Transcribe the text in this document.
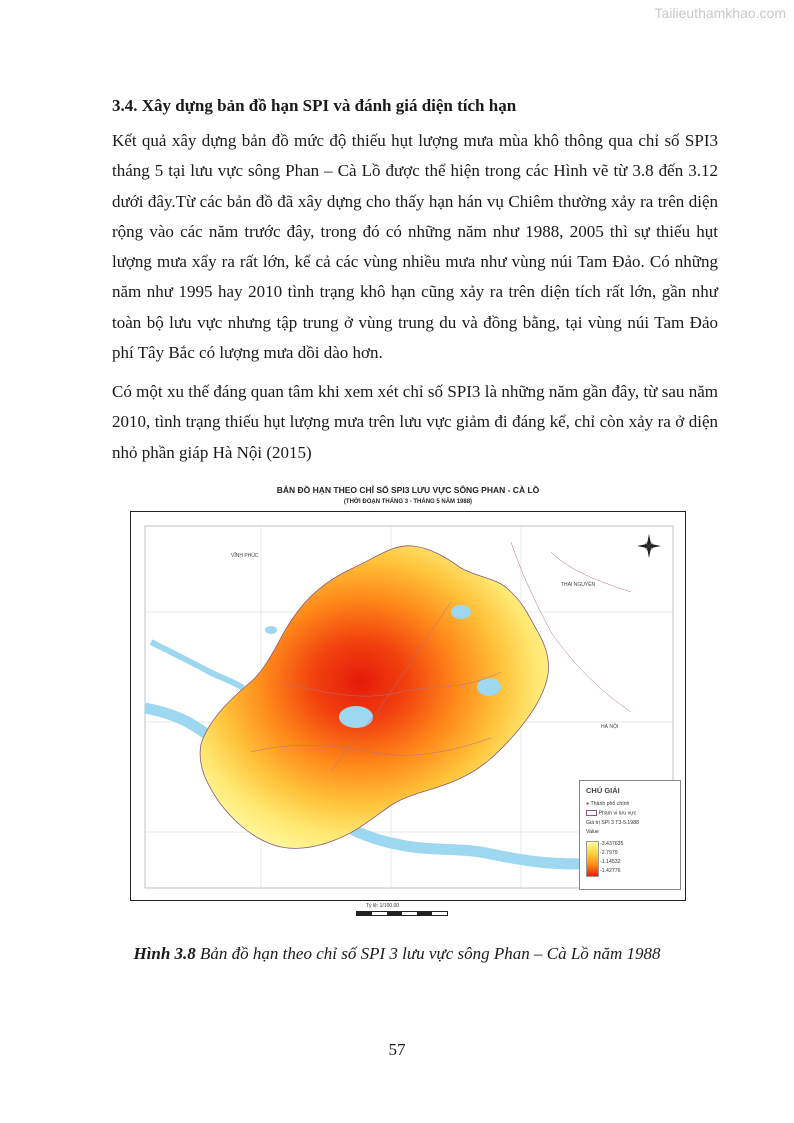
Tailieuthamkhao.com
3.4. Xây dựng bản đồ hạn SPI và đánh giá diện tích hạn

Kết quả xây dựng bản đồ mức độ thiếu hụt lượng mưa mùa khô thông qua chỉ số SPI3 tháng 5 tại lưu vực sông Phan – Cà Lồ được thể hiện trong các Hình vẽ từ 3.8 đến 3.12 dưới đây.Từ các bản đồ đã xây dựng cho thấy hạn hán vụ Chiêm thường xảy ra trên diện rộng vào các năm trước đây, trong đó có những năm như 1988, 2005 thì sự thiếu hụt lượng mưa xẩy ra rất lớn, kể cả các vùng nhiều mưa như vùng núi Tam Đảo. Có những năm như 1995 hay 2010 tình trạng khô hạn cũng xảy ra trên diện tích rất lớn, gần như toàn bộ lưu vực nhưng tập trung ở vùng trung du và đồng bằng, tại vùng núi Tam Đảo phí Tây Bắc có lượng mưa dồi dào hơn.

Có một xu thế đáng quan tâm khi xem xét chỉ số SPI3 là những năm gần đây, từ sau năm 2010, tình trạng thiếu hụt lượng mưa trên lưu vực giảm đi đáng kể, chỉ còn xảy ra ở diện nhỏ phần giáp Hà Nội (2015)

BẢN ĐỒ HẠN THEO CHỈ SỐ SPI3 LƯU VỰC SÔNG PHAN - CÀ LỒ
(THỜI ĐOẠN THÁNG 3 - THÁNG 5 NĂM 1988)
VĨNH PHÚC
THÁI NGUYÊN
HÀ NỘI
CHÚ GIẢI
● Thành phố chính
Phạm vi lưu vực
Giá trị SPI 3 T3-5.1988
Value
-3.437635
-2.7979
-1.14532
-1.42776
Tỷ lệ: 1/100.00
Hình 3.8 Bản đồ hạn theo chỉ số SPI 3 lưu vực sông Phan – Cà Lồ năm 1988
57
